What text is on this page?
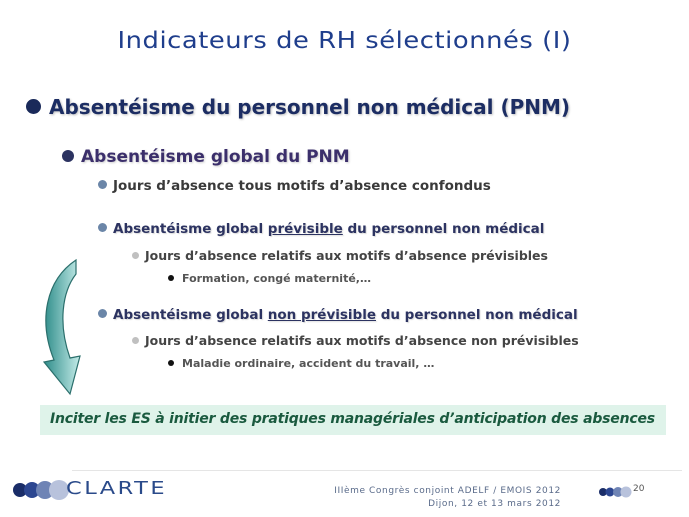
Indicateurs de RH sélectionnés (I)
Absentéisme du personnel non médical (PNM)
Absentéisme global du PNM
Jours d’absence tous motifs d’absence confondus
Absentéisme global prévisible du personnel non médical
Jours d’absence relatifs aux motifs d’absence prévisibles
Formation, congé maternité,…
Absentéisme global non prévisible du personnel non médical
Jours d’absence relatifs aux motifs d’absence non prévisibles
Maladie ordinaire, accident du travail, …
Inciter les ES à initier des pratiques managériales d’anticipation des absences
CLARTE	IIIème Congrès conjoint ADELF / EMOIS 2012
Dijon, 12 et 13 mars 2012
20
